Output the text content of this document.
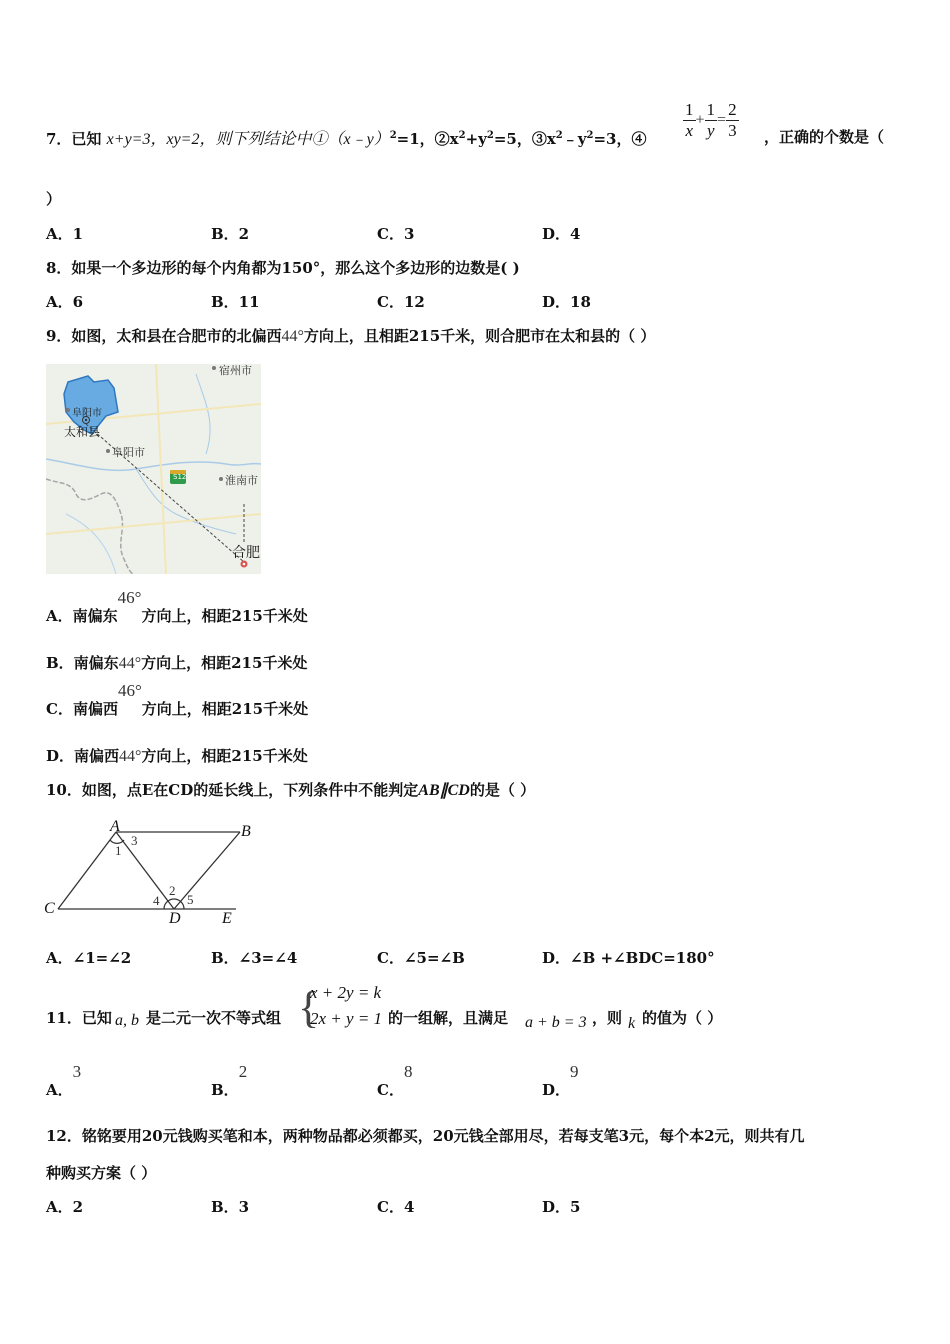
7．已知 x+y=3，xy=2，则下列结论中①（x﹣y）$^2$=1，$②x^2+y^2=5$，$③x^2﹣y^2=3$，④ $\frac{1}{x} + \frac{1}{y} = \frac{2}{3}$ ，正确的个数是（
）
A．1	B．2	C．3	D．4
8．如果一个多边形的每个内角都为150°，那么这个多边形的边数是( )
A．6	B．11	C．12	D．18
9．如图，太和县在合肥市的北偏西44°方向上，且相距215千米，则合肥市在太和县的（ ）
S12
宿州市
阜阳市
太和县
阜阳市
淮南市
合肥
A．南偏东46°方向上，相距215千米处
B．南偏东44°方向上，相距215千米处
C．南偏西46°方向上，相距215千米处
D．南偏西44°方向上，相距215千米处
10．如图，点E在CD的延长线上，下列条件中不能判定AB∥CD的是（ ）
A	B
C
D	E
1
2
3
4 5
A．∠1=∠2	B．∠3=∠4	C．∠5=∠B	D．∠B +∠BDC=180°
11．已知 a, b 是二元一次不等式组 {
x + 2y = k
2x + y = 1 的一组解，且满足 a + b = 3 ，则 k 的值为（ ）
A．3
B．2
C．8
D．9
12．铭铭要用20元钱购买笔和本，两种物品都必须都买，20元钱全部用尽，若每支笔3元，每个本2元，则共有几
种购买方案（ ）
A．2	B．3	C．4	D．5
